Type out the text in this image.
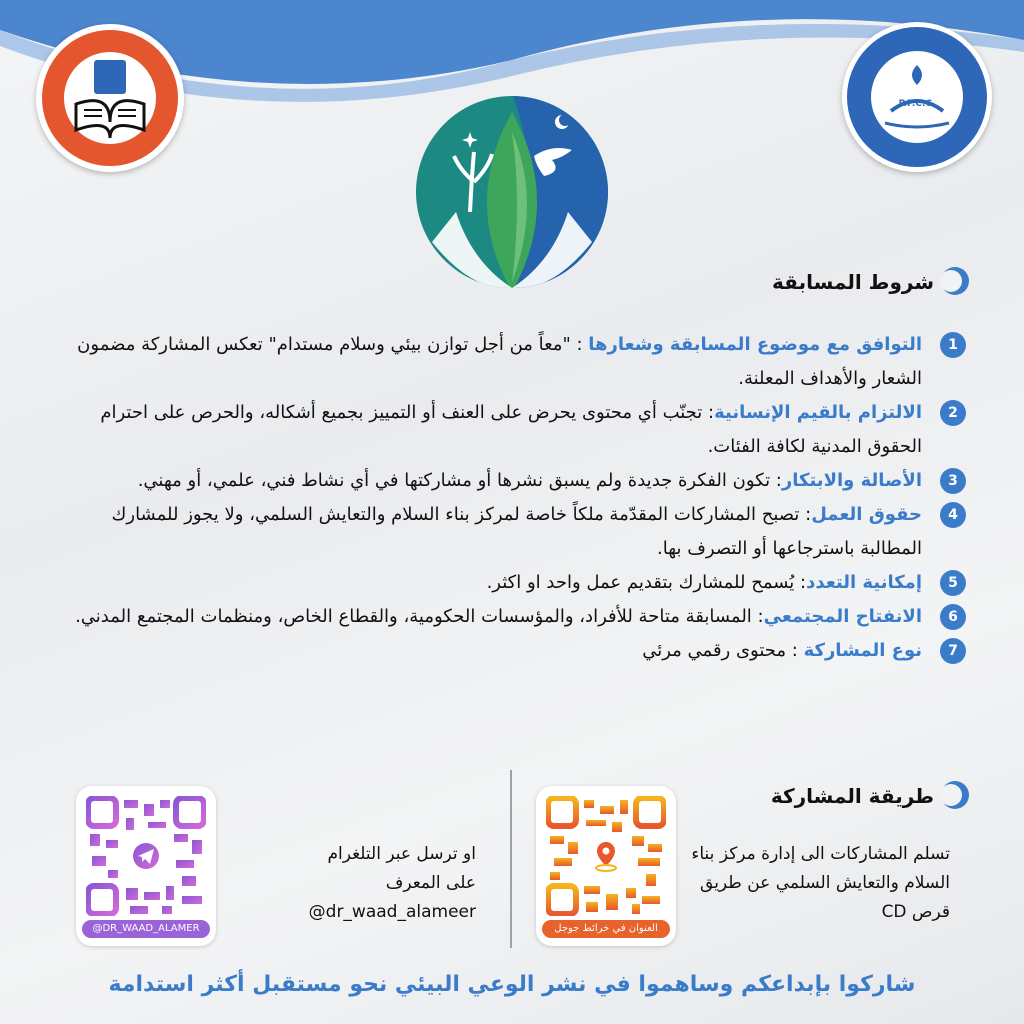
P.P.C.C.
شروط المسابقة
1
التوافق مع موضوع المسابقة وشعارها : "معاً من أجل توازن بيئي وسلام مستدام" تعكس المشاركة مضمون الشعار والأهداف المعلنة.
2
الالتزام بالقيم الإنسانية: تجنّب أي محتوى يحرض على العنف أو التمييز بجميع أشكاله، والحرص على احترام الحقوق المدنية لكافة الفئات.
3
الأصالة والابتكار: تكون الفكرة جديدة ولم يسبق نشرها أو مشاركتها في أي نشاط فني، علمي، أو مهني.
4
حقوق العمل: تصبح المشاركات المقدّمة ملكاً خاصة لمركز بناء السلام والتعايش السلمي، ولا يجوز للمشارك المطالبة باسترجاعها أو التصرف بها.
5
إمكانية التعدد: يُسمح للمشارك بتقديم عمل واحد او اكثر.
6
الانفتاح المجتمعي: المسابقة متاحة للأفراد، والمؤسسات الحكومية، والقطاع الخاص، ومنظمات المجتمع المدني.
7
نوع المشاركة : محتوى رقمي مرئي
طريقة المشاركة
تسلم المشاركات الى إدارة مركز بناء السلام والتعايش السلمي عن طريق قرص CD
العنوان في خرائط جوجل
او ترسل عبر التلغرام
على المعرف
@dr_waad_alameer
@DR_WAAD_ALAMER
شاركوا بإبداعكم وساهموا في نشر الوعي البيئي نحو مستقبل أكثر استدامة
